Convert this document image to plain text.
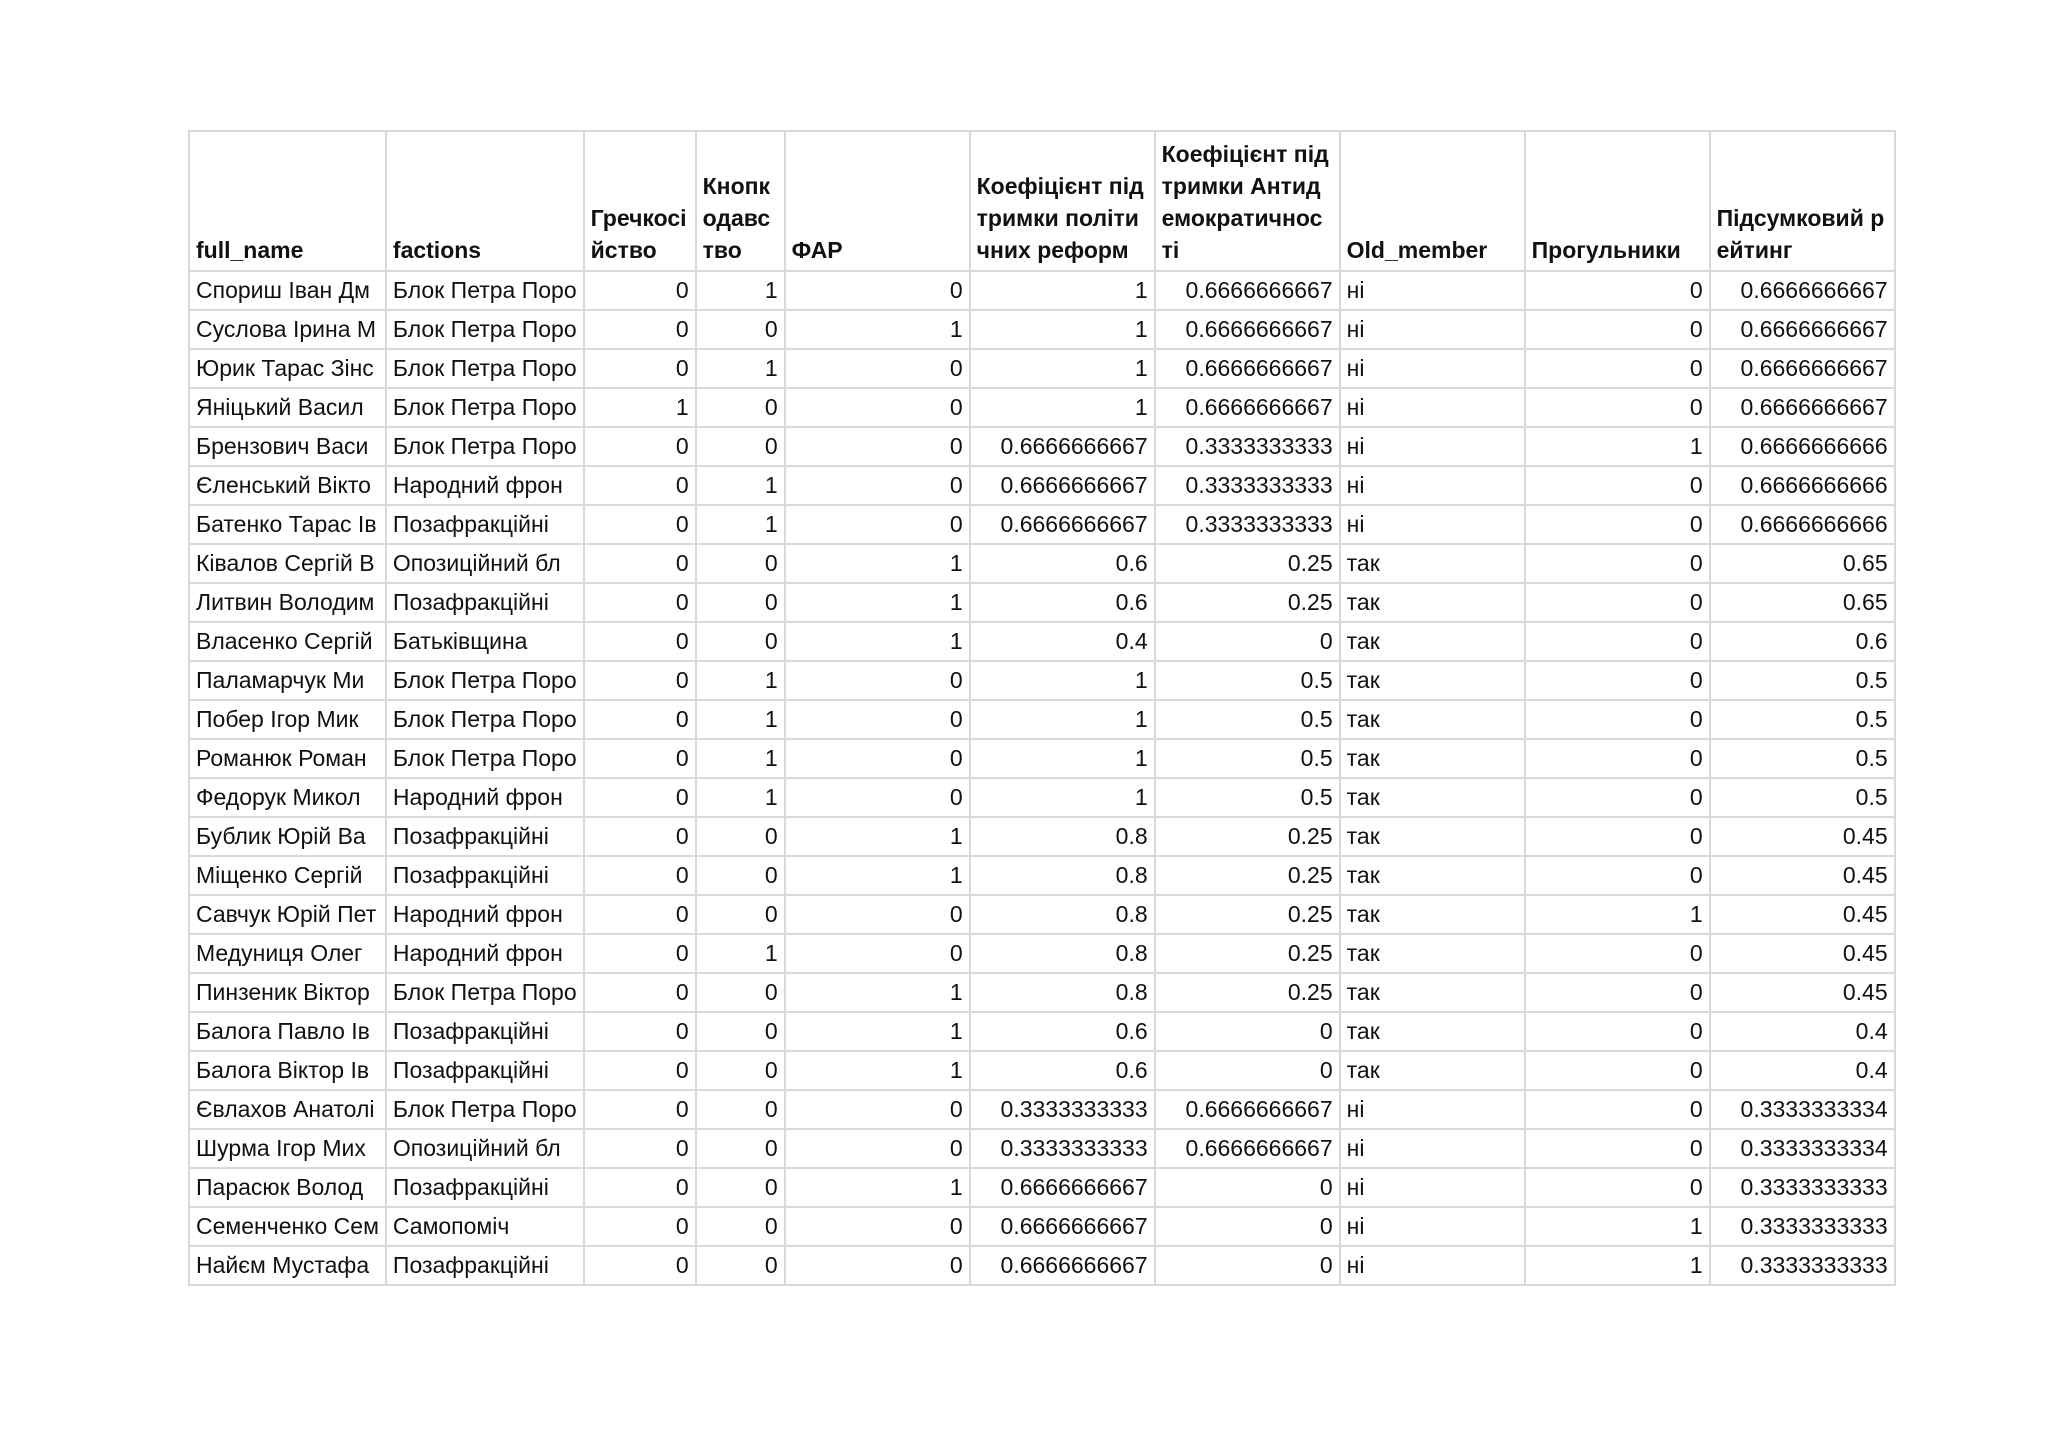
full_name	factions	Гречкосійство	Кнопкодавство	ФАР	Коефіцієнт підтримки політичних реформ	Коефіцієнт підтримки Антидемократичності	Old_member	Прогульники	Підсумковий рейтинг
Спориш Іван Дм	Блок Петра Поро	0	1	0	1	0.6666666667	ні	0	0.6666666667
Суслова Ірина М	Блок Петра Поро	0	0	1	1	0.6666666667	ні	0	0.6666666667
Юрик Тарас Зінс	Блок Петра Поро	0	1	0	1	0.6666666667	ні	0	0.6666666667
Яніцький Васил	Блок Петра Поро	1	0	0	1	0.6666666667	ні	0	0.6666666667
Брензович Васи	Блок Петра Поро	0	0	0	0.6666666667	0.3333333333	ні	1	0.6666666666
Єленський Вікто	Народний фрон	0	1	0	0.6666666667	0.3333333333	ні	0	0.6666666666
Батенко Тарас Ів	Позафракційні	0	1	0	0.6666666667	0.3333333333	ні	0	0.6666666666
Ківалов Сергій В	Опозиційний бл	0	0	1	0.6	0.25	так	0	0.65
Литвин Володим	Позафракційні	0	0	1	0.6	0.25	так	0	0.65
Власенко Сергій	Батьківщина	0	0	1	0.4	0	так	0	0.6
Паламарчук Ми	Блок Петра Поро	0	1	0	1	0.5	так	0	0.5
Побер Ігор Мик	Блок Петра Поро	0	1	0	1	0.5	так	0	0.5
Романюк Роман	Блок Петра Поро	0	1	0	1	0.5	так	0	0.5
Федорук Микол	Народний фрон	0	1	0	1	0.5	так	0	0.5
Бублик Юрій Ва	Позафракційні	0	0	1	0.8	0.25	так	0	0.45
Міщенко Сергій	Позафракційні	0	0	1	0.8	0.25	так	0	0.45
Савчук Юрій Пет	Народний фрон	0	0	0	0.8	0.25	так	1	0.45
Медуниця Олег	Народний фрон	0	1	0	0.8	0.25	так	0	0.45
Пинзеник Віктор	Блок Петра Поро	0	0	1	0.8	0.25	так	0	0.45
Балога Павло Ів	Позафракційні	0	0	1	0.6	0	так	0	0.4
Балога Віктор Ів	Позафракційні	0	0	1	0.6	0	так	0	0.4
Євлахов Анатолі	Блок Петра Поро	0	0	0	0.3333333333	0.6666666667	ні	0	0.3333333334
Шурма Ігор Мих	Опозиційний бл	0	0	0	0.3333333333	0.6666666667	ні	0	0.3333333334
Парасюк Волод	Позафракційні	0	0	1	0.6666666667	0	ні	0	0.3333333333
Семенченко Сем	Самопоміч	0	0	0	0.6666666667	0	ні	1	0.3333333333
Найєм Мустафа	Позафракційні	0	0	0	0.6666666667	0	ні	1	0.3333333333
